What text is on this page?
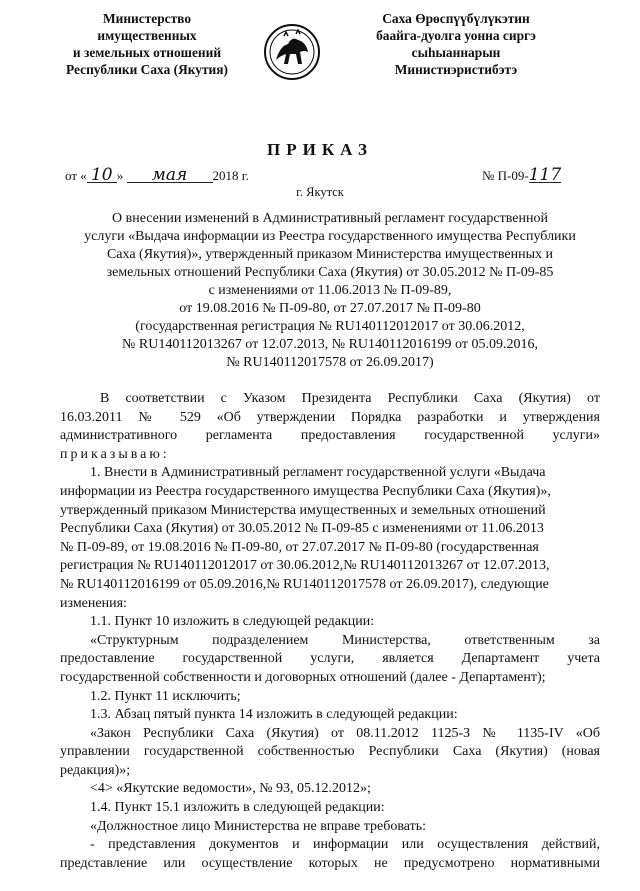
Министерство
имущественных
и земельных отношений
Республики Саха (Якутия)
Саха Өрөспүүбүлүкэтин
баайга-дуолга уонна сиргэ
сыһыаннарын
Министиэристибэтэ
ПРИКАЗ
от « 10 » мая 2018 г.	№ П-09-117
г. Якутск
О внесении изменений в Административный регламент государственной
услуги «Выдача информации из Реестра государственного имущества Республики
Саха (Якутия)», утвержденный приказом Министерства имущественных и
земельных отношений Республики Саха (Якутия) от 30.05.2012 № П-09-85
с изменениями от 11.06.2013 № П-09-89,
от 19.08.2016 № П-09-80, от 27.07.2017 № П-09-80
(государственная регистрация № RU140112012017 от 30.06.2012,
№ RU140112013267 от 12.07.2013, № RU140112016199 от 05.09.2016,
№ RU140112017578 от 26.09.2017)
В соответствии с Указом Президента Республики Саха (Якутия) от
16.03.2011 № 529 «Об утверждении Порядка разработки и утверждения
административного регламента предоставления государственной услуги»
приказываю:
1. Внести в Административный регламент государственной услуги «Выдача
информации из Реестра государственного имущества Республики Саха (Якутия)»,
утвержденный приказом Министерства имущественных и земельных отношений
Республики Саха (Якутия) от 30.05.2012 № П-09-85 с изменениями от 11.06.2013
№ П-09-89, от 19.08.2016 № П-09-80, от 27.07.2017 № П-09-80 (государственная
регистрация № RU140112012017 от 30.06.2012,№ RU140112013267 от 12.07.2013,
№ RU140112016199 от 05.09.2016,№ RU140112017578 от 26.09.2017), следующие
изменения:
1.1. Пункт 10 изложить в следующей редакции:
«Структурным подразделением Министерства, ответственным за
предоставление государственной услуги, является Департамент учета
государственной собственности и договорных отношений (далее - Департамент);
1.2. Пункт 11 исключить;
1.3. Абзац пятый пункта 14 изложить в следующей редакции:
«Закон Республики Саха (Якутия) от 08.11.2012 1125-З № 1135-IV «Об
управлении государственной собственностью Республики Саха (Якутия) (новая
редакция)»;
<4> «Якутские ведомости», № 93, 05.12.2012»;
1.4. Пункт 15.1 изложить в следующей редакции:
«Должностное лицо Министерства не вправе требовать:
- представления документов и информации или осуществления действий,
представление или осуществление которых не предусмотрено нормативными
